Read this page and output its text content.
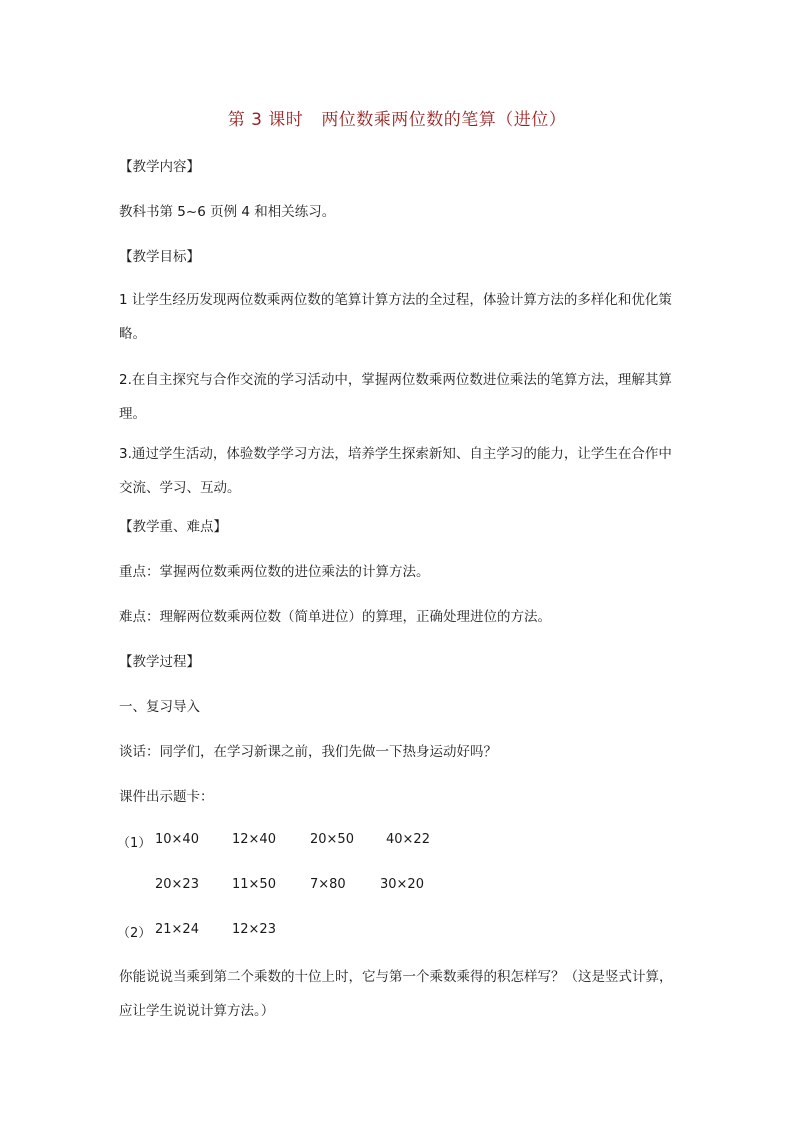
第 3 课时 两位数乘两位数的笔算（进位）
【教学内容】
教科书第 5~6 页例 4 和相关练习。
【教学目标】
1 让学生经历发现两位数乘两位数的笔算计算方法的全过程，体验计算方法的多样化和优化策略。
2.在自主探究与合作交流的学习活动中，掌握两位数乘两位数进位乘法的笔算方法，理解其算理。
3.通过学生活动，体验数学学习方法，培养学生探索新知、自主学习的能力，让学生在合作中交流、学习、互动。
【教学重、难点】
重点：掌握两位数乘两位数的进位乘法的计算方法。
难点：理解两位数乘两位数（简单进位）的算理，正确处理进位的方法。
【教学过程】
一、复习导入
谈话：同学们，在学习新课之前，我们先做一下热身运动好吗？
课件出示题卡：
（1） 10×40	12×40	20×50 40×22
20×23	11×50	7×80	30×20
（2） 21×24	12×23
你能说说当乘到第二个乘数的十位上时，它与第一个乘数乘得的积怎样写？（这是竖式计算，应让学生说说计算方法。）
